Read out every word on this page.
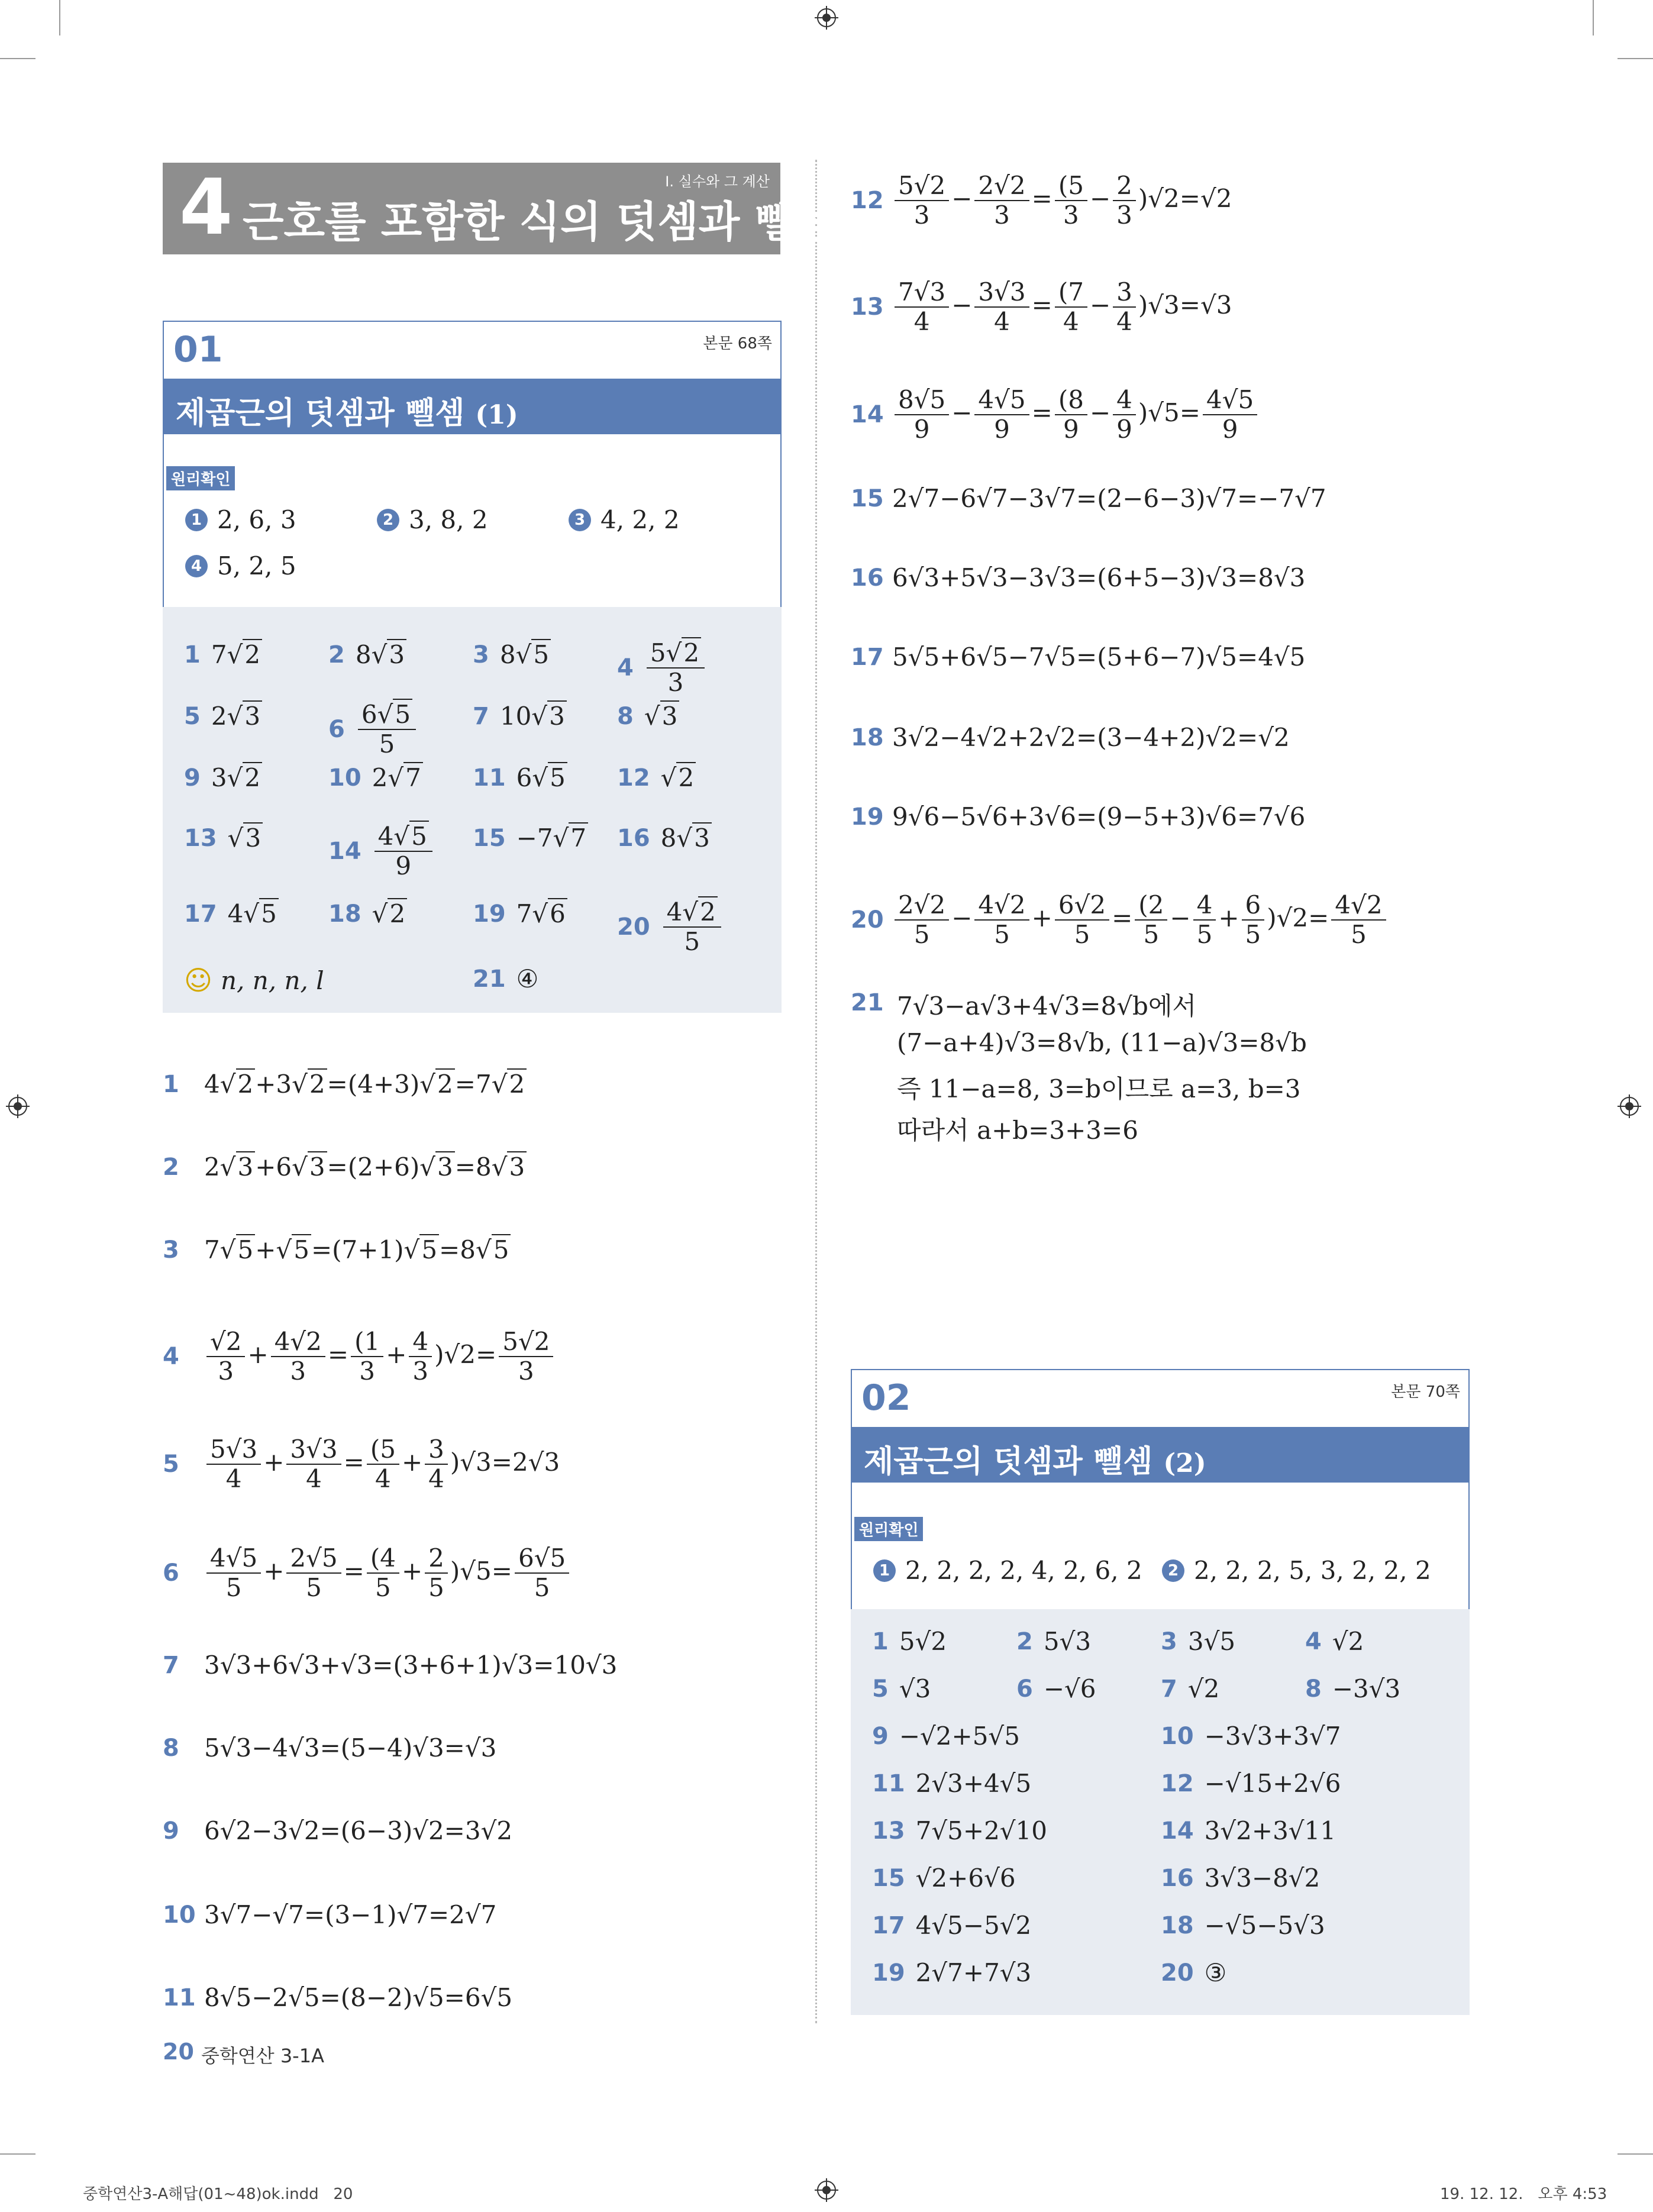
4 근호를 포함한 식의 덧셈과 뺄셈
I. 실수와 그 계산
01	본문 68쪽
제곱근의 덧셈과 뺄셈 (1)
원리확인
1 2, 6, 3	2 3, 8, 2	3 4, 2, 2
4 5, 2, 5
1 7√ 2	2 8√ 3	3 8√ 5	$4 \frac{5√ 2}{3}$
5 2√ 3	$6 \frac{6√ 5}{5} 7$ 10√ 3 8
√	3
9 3√ 2	10 2√ 7 11 6√ 5 12
√	2
13
√	3	$14 \frac{4√ 5}{9} 15 -7√$ 7 16 8√ 3
17 4√ 5 18
√	2	19 7√ 6 $20 \frac{4√ 2}{5}$
☺ n, n, n, l	21 ④
1	4√ 2+3√ 2=(4+3)√ 2=7√ 2
2	2√ 3+6√ 3=(2+6)√ 3=8√ 3
3	7√ 5+√ 5=(7+1)√ 5=8√ 5
7	3√3+6√3+√3=(3+6+1)√3=10√3
8	5√3−4√3=(5−4)√3=√3
9	6√2−3√2=(6−3)√2=3√2
10 3√7−√7=(3−1)√7=2√7
11 8√5−2√5=(8−2)√5=6√5
4	$\frac{√2}{3} + \frac{4√2}{3} = \frac{(1}{3} + \frac{4}{3} )√2= \frac{5√2}{3}$
5	$\frac{5√3}{4} + \frac{3√3}{4} = \frac{(5}{4} + \frac{3}{4} )√3=2√3$
6	$\frac{4√5}{5} + \frac{2√5}{5} = \frac{(4}{5} + \frac{2}{5} )√5= \frac{6√5}{5}$
$12 \frac{5√2}{3} - \frac{2√2}{3} = \frac{(5}{3} - \frac{2}{3} )√2=√2$
$13 \frac{7√3}{4} - \frac{3√3}{4} = \frac{(7}{4} - \frac{3}{4} )√3=√3$
$14 \frac{8√5}{9} - \frac{4√5}{9} = \frac{(8}{9} - \frac{4}{9} )√5= \frac{4√5}{9}$
$20 \frac{2√2}{5} - \frac{4√2}{5} + \frac{6√2}{5} = \frac{(2}{5} - \frac{4}{5} + \frac{6}{5} )√2= \frac{4√2}{5}$
15 2√7−6√7−3√7=(2−6−3)√7=−7√7
16 6√3+5√3−3√3=(6+5−3)√3=8√3
17 5√5+6√5−7√5=(5+6−7)√5=4√5
18 3√2−4√2+2√2=(3−4+2)√2=√2
19 9√6−5√6+3√6=(9−5+3)√6=7√6
21 7√3−a√3+4√3=8√b에서
(7−a+4)√3=8√b, (11−a)√3=8√b
즉 11−a=8, 3=b이므로 a=3, b=3
따라서 a+b=3+3=6
02	본문 70쪽
제곱근의 덧셈과 뺄셈 (2)
원리확인
1 2, 2, 2, 2, 4, 2, 6, 2	2 2, 2, 2, 5, 3, 2, 2, 2
1 5√2	2 5√3	3 3√5	4 √2
5 √3	6 −√6	7 √2	8 −3√3
9 −√2+5√5	10 −3√3+3√7
11 2√3+4√5	12 −√15+2√6
13 7√5+2√10	14 3√2+3√11
15 √2+6√6	16 3√3−8√2
17 4√5−5√2	18 −√5−5√3
19 2√7+7√3	20 ③
20 중학연산 3-1A
중학연산3-A해답(01~48)ok.indd   20	19. 12. 12.   오후 4:53
